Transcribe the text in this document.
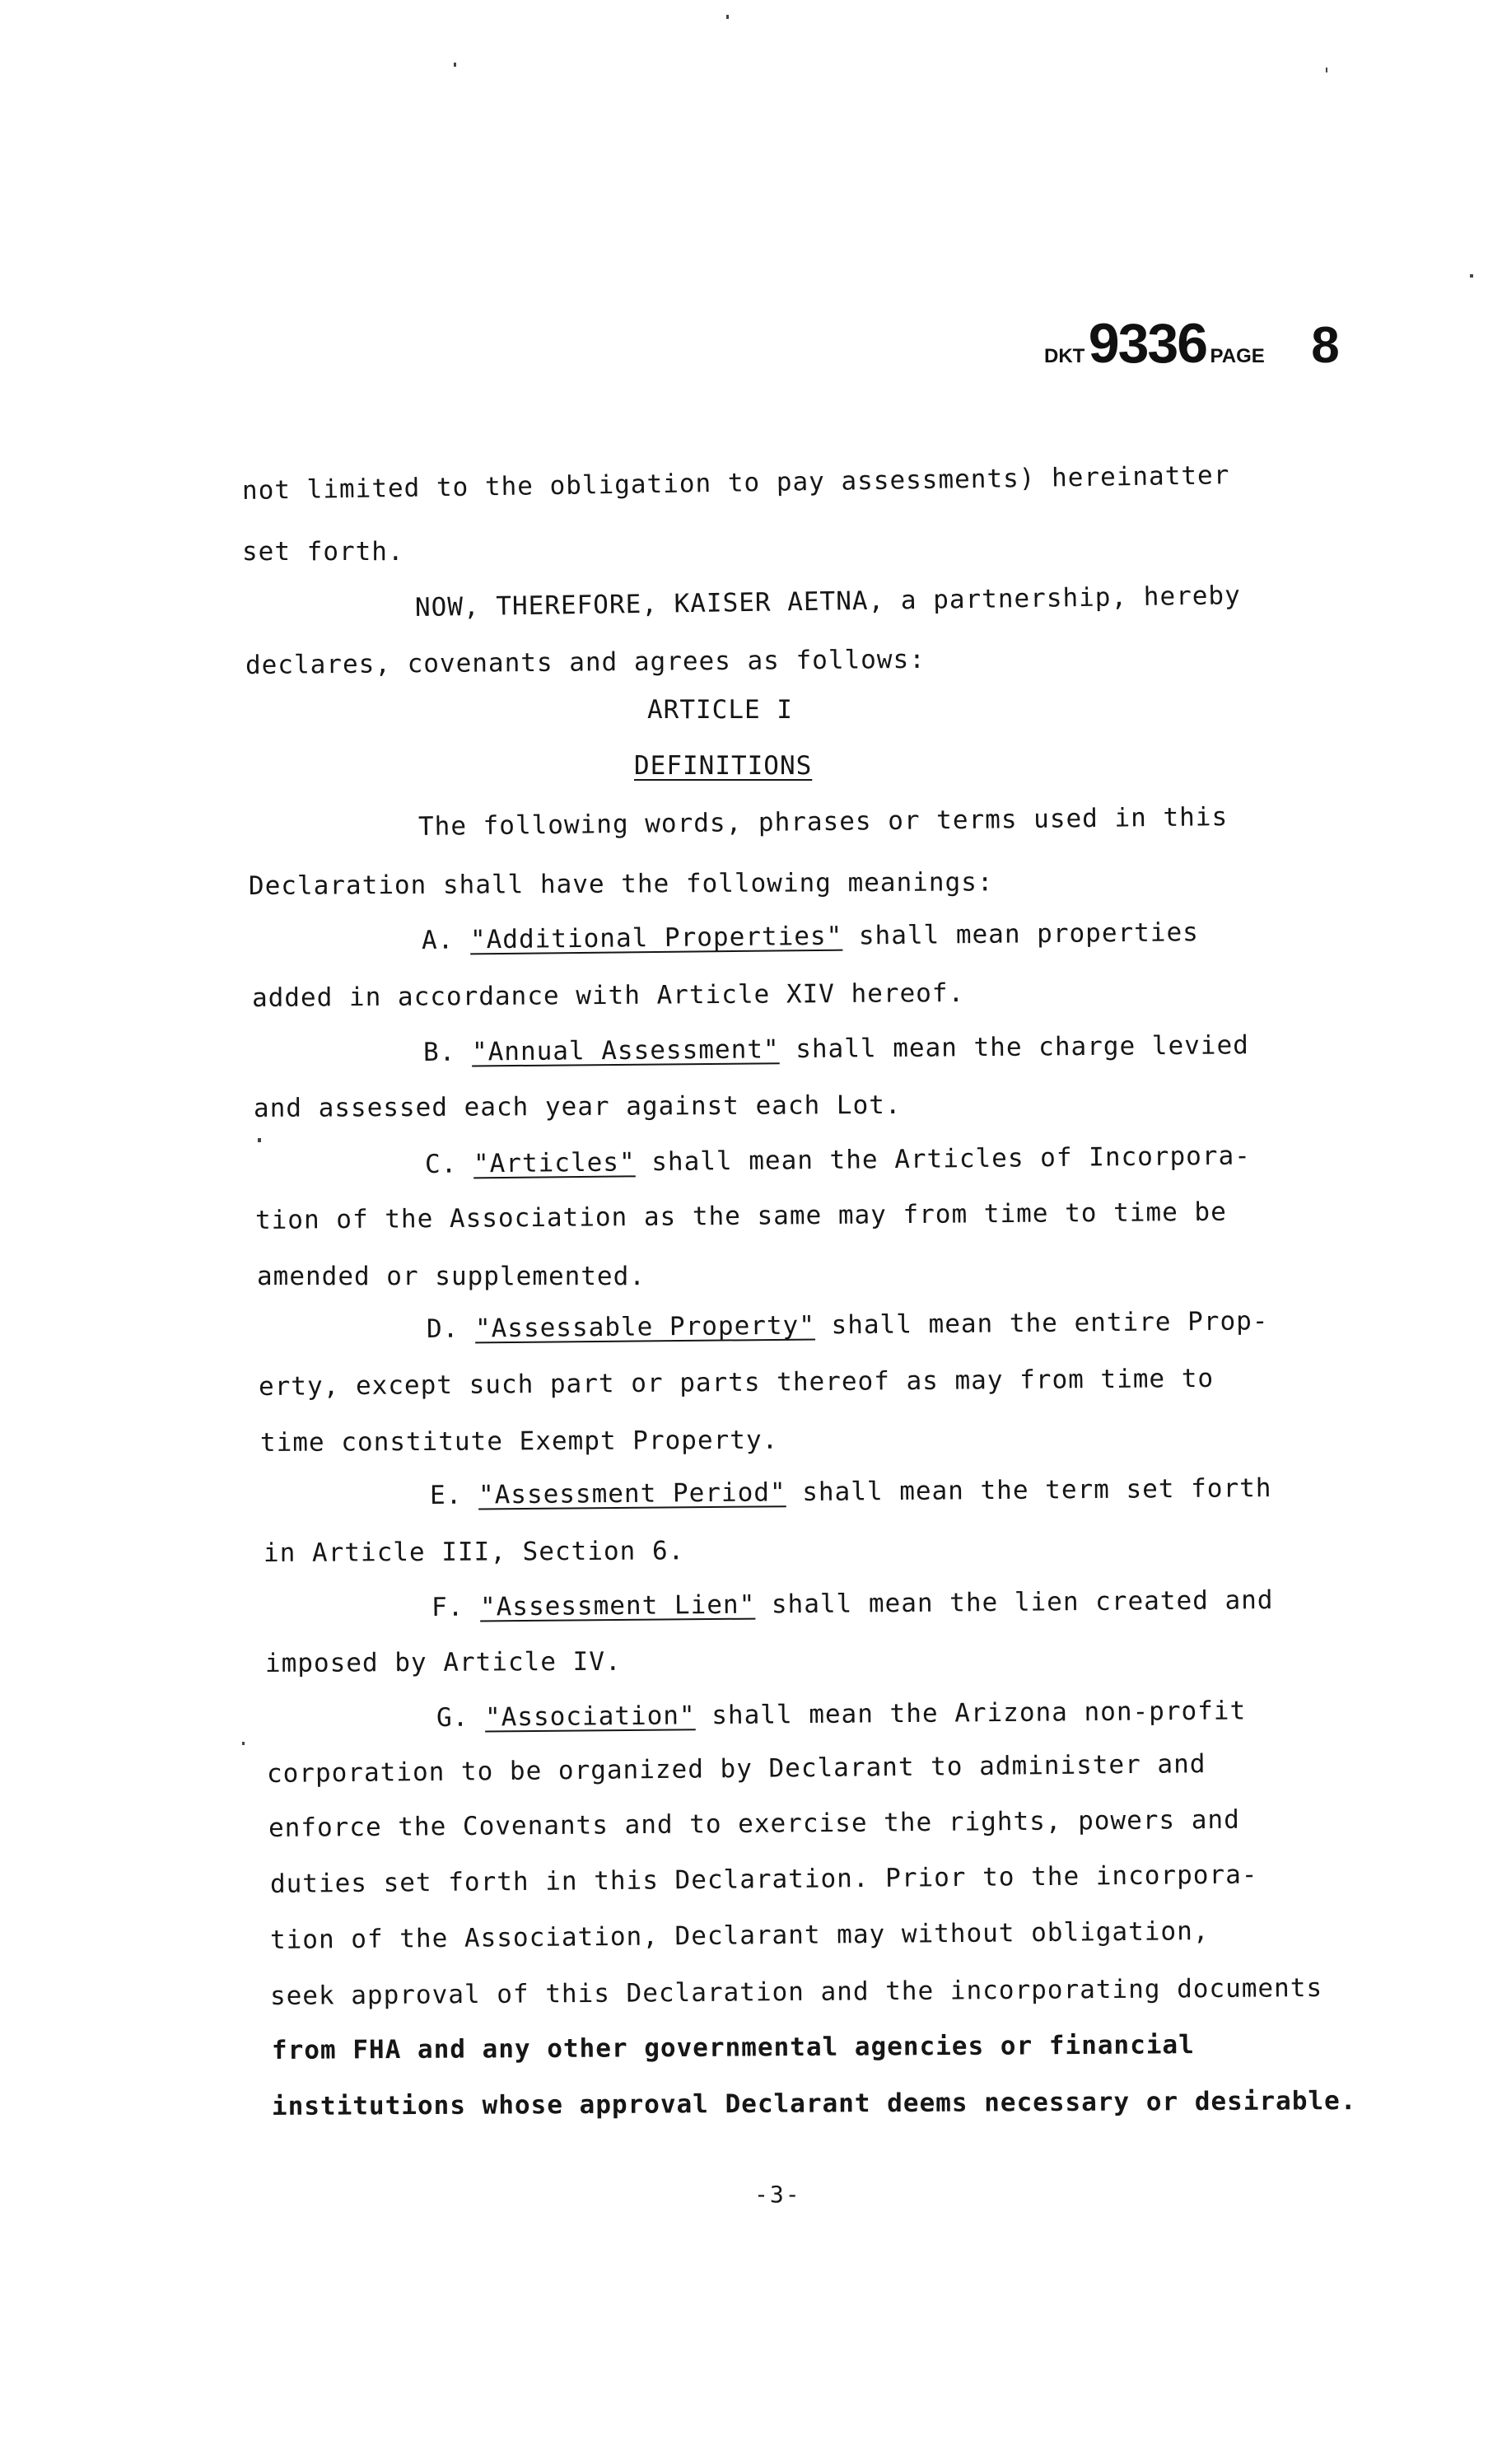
DKT 9336 PAGE 8
not limited to the obligation to pay assessments) hereinatter
set forth.
NOW, THEREFORE, KAISER AETNA, a partnership, hereby
declares, covenants and agrees as follows:
ARTICLE I
DEFINITIONS
The following words, phrases or terms used in this
Declaration shall have the following meanings:
A. "Additional Properties" shall mean properties
added in accordance with Article XIV hereof.
B. "Annual Assessment" shall mean the charge levied
and assessed each year against each Lot.
C. "Articles" shall mean the Articles of Incorpora-
tion of the Association as the same may from time to time be
amended or supplemented.
D. "Assessable Property" shall mean the entire Prop-
erty, except such part or parts thereof as may from time to
time constitute Exempt Property.
E. "Assessment Period" shall mean the term set forth
in Article III, Section 6.
F. "Assessment Lien" shall mean the lien created and
imposed by Article IV.
G. "Association" shall mean the Arizona non-profit
corporation to be organized by Declarant to administer and
enforce the Covenants and to exercise the rights, powers and
duties set forth in this Declaration. Prior to the incorpora-
tion of the Association, Declarant may without obligation,
seek approval of this Declaration and the incorporating documents
from FHA and any other governmental agencies or financial
institutions whose approval Declarant deems necessary or desirable.
-3-
